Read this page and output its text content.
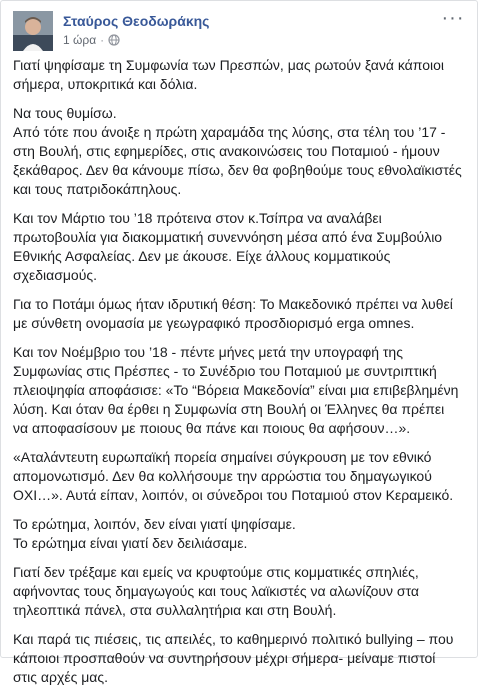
Σταύρος Θεοδωράκης
1 ώρα ·
···

Γιατί ψηφίσαμε τη Συμφωνία των Πρεσπών, μας ρωτούν ξανά κάποιοι
σήμερα, υποκριτικά και δόλια.

Να τους θυμίσω.
Από τότε που άνοιξε η πρώτη χαραμάδα της λύσης, στα τέλη του ’17 -
στη Βουλή, στις εφημερίδες, στις ανακοινώσεις του Ποταμιού - ήμουν
ξεκάθαρος. Δεν θα κάνουμε πίσω, δεν θα φοβηθούμε τους εθνολαϊκιστές
και τους πατριδοκάπηλους.

Και τον Μάρτιο του ’18 πρότεινα στον κ.Τσίπρα να αναλάβει
πρωτοβουλία για διακομματική συνεννόηση μέσα από ένα Συμβούλιο
Εθνικής Ασφαλείας. Δεν με άκουσε. Είχε άλλους κομματικούς
σχεδιασμούς.

Για το Ποτάμι όμως ήταν ιδρυτική θέση: Το Μακεδονικό πρέπει να λυθεί
με σύνθετη ονομασία με γεωγραφικό προσδιορισμό erga omnes.

Και τον Νοέμβριο του ’18 - πέντε μήνες μετά την υπογραφή της
Συμφωνίας στις Πρέσπες - το Συνέδριο του Ποταμιού με συντριπτική
πλειοψηφία αποφάσισε: «Το “Βόρεια Μακεδονία” είναι μια επιβεβλημένη
λύση. Και όταν θα έρθει η Συμφωνία στη Βουλή οι Έλληνες θα πρέπει
να αποφασίσουν με ποιους θα πάνε και ποιους θα αφήσουν…».

«Αταλάντευτη ευρωπαϊκή πορεία σημαίνει σύγκρουση με τον εθνικό
απομονωτισμό. Δεν θα κολλήσουμε την αρρώστια του δημαγωγικού
ΟΧΙ…». Αυτά είπαν, λοιπόν, οι σύνεδροι του Ποταμιού στον Κεραμεικό.

Το ερώτημα, λοιπόν, δεν είναι γιατί ψηφίσαμε.
Το ερώτημα είναι γιατί δεν δειλιάσαμε.

Γιατί δεν τρέξαμε και εμείς να κρυφτούμε στις κομματικές σπηλιές,
αφήνοντας τους δημαγωγούς και τους λαϊκιστές να αλωνίζουν στα
τηλεοπτικά πάνελ, στα συλλαλητήρια και στη Βουλή.

Και παρά τις πιέσεις, τις απειλές, το καθημερινό πολιτικό bullying – που
κάποιοι προσπαθούν να συντηρήσουν μέχρι σήμερα- μείναμε πιστοί
στις αρχές μας.
